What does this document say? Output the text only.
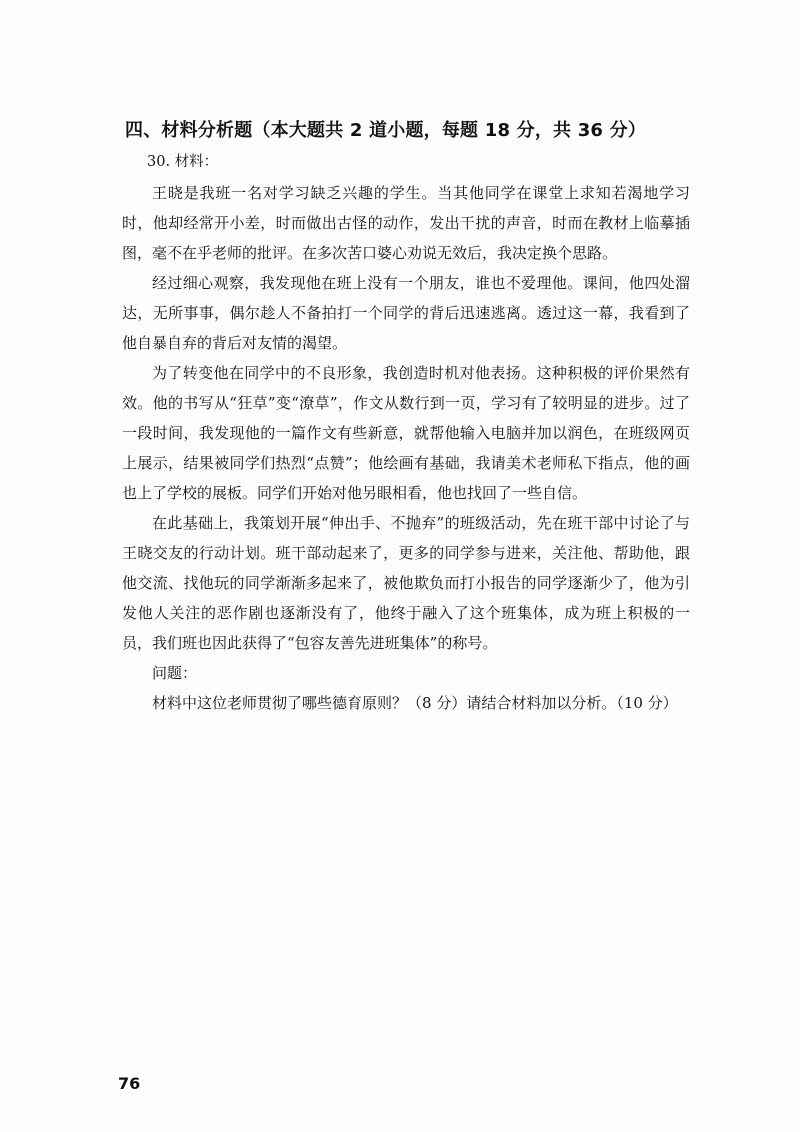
四、材料分析题（本大题共 2 道小题，每题 18 分，共 36 分）
30. 材料：

王晓是我班一名对学习缺乏兴趣的学生。当其他同学在课堂上求知若渴地学习时，他却经常开小差，时而做出古怪的动作，发出干扰的声音，时而在教材上临摹插图，毫不在乎老师的批评。在多次苦口婆心劝说无效后，我决定换个思路。

经过细心观察，我发现他在班上没有一个朋友，谁也不爱理他。课间，他四处溜达，无所事事，偶尔趁人不备拍打一个同学的背后迅速逃离。透过这一幕，我看到了他自暴自弃的背后对友情的渴望。

为了转变他在同学中的不良形象，我创造时机对他表扬。这种积极的评价果然有效。他的书写从“狂草”变“潦草”，作文从数行到一页，学习有了较明显的进步。过了一段时间，我发现他的一篇作文有些新意，就帮他输入电脑并加以润色，在班级网页上展示，结果被同学们热烈“点赞”；他绘画有基础，我请美术老师私下指点，他的画也上了学校的展板。同学们开始对他另眼相看，他也找回了一些自信。

在此基础上，我策划开展“伸出手、不抛弃”的班级活动，先在班干部中讨论了与王晓交友的行动计划。班干部动起来了，更多的同学参与进来，关注他、帮助他，跟他交流、找他玩的同学渐渐多起来了，被他欺负而打小报告的同学逐渐少了，他为引发他人关注的恶作剧也逐渐没有了，他终于融入了这个班集体，成为班上积极的一员，我们班也因此获得了“包容友善先进班集体”的称号。

问题：

材料中这位老师贯彻了哪些德育原则？（8 分）请结合材料加以分析。（10 分）

76
